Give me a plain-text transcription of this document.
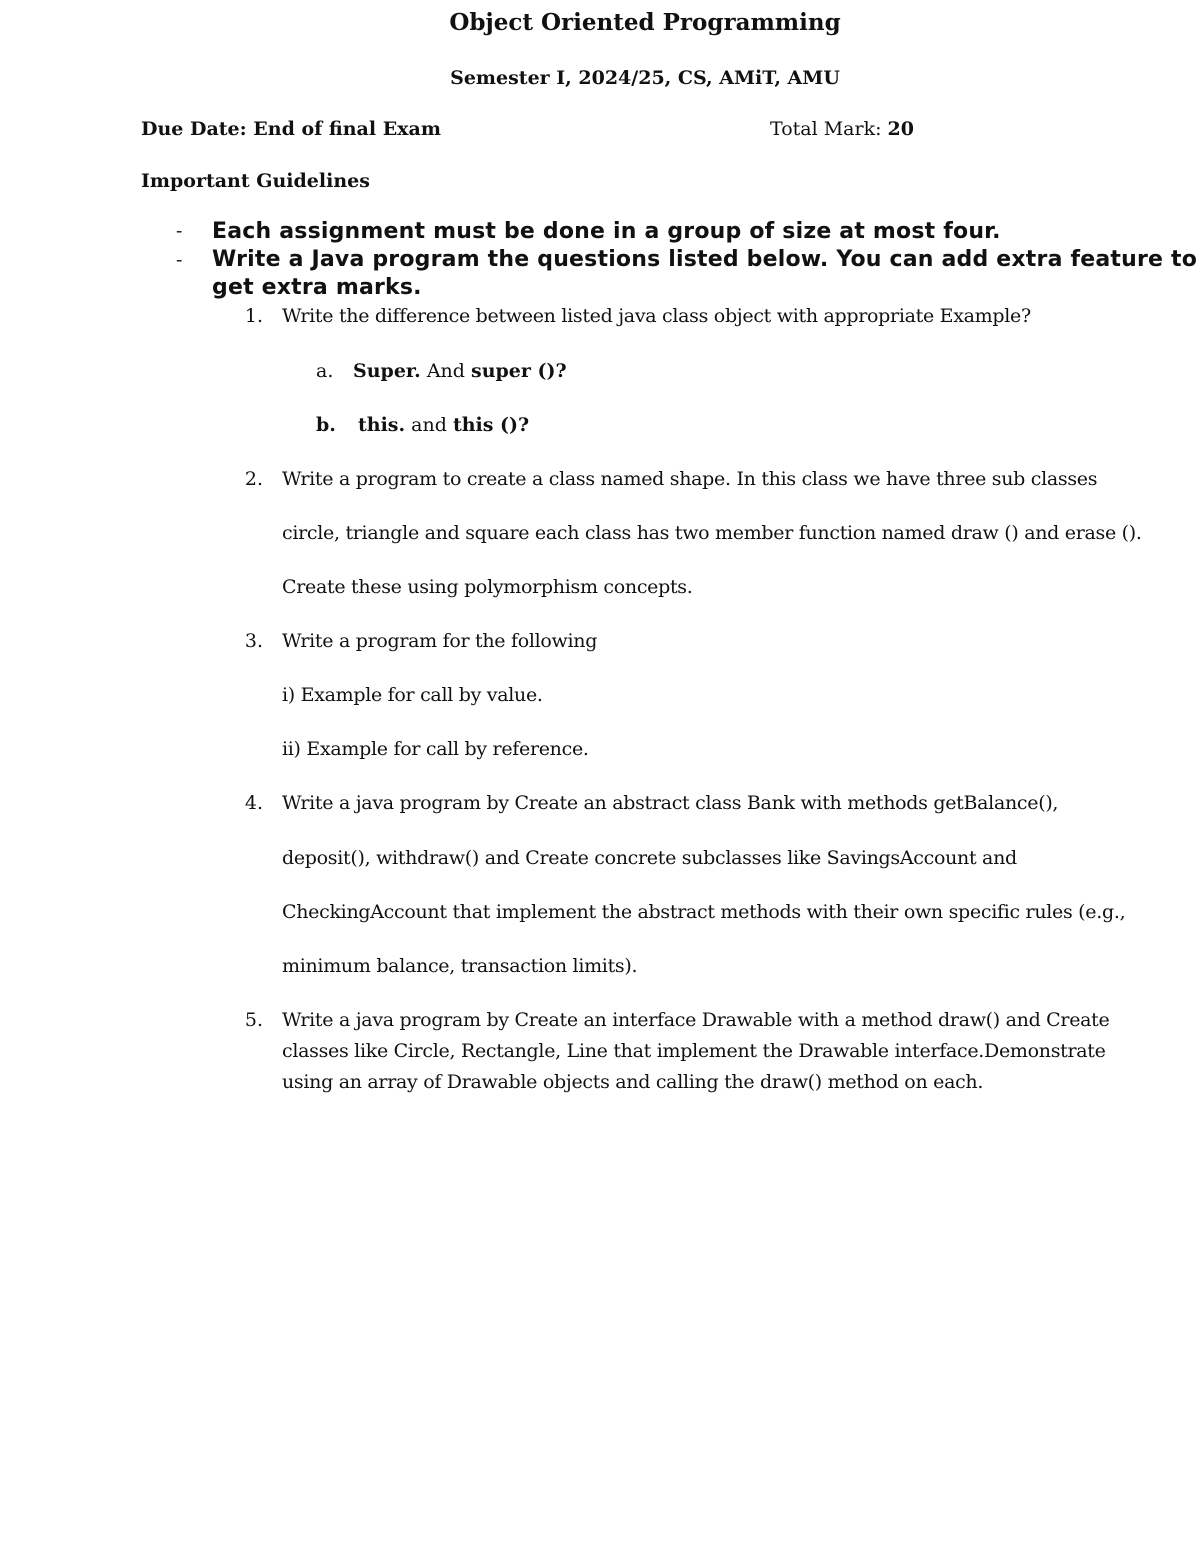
Object Oriented Programming
Semester I, 2024/25, CS, AMiT, AMU
Due Date: End of final Exam	Total Mark: 20
Important Guidelines
- Each assignment must be done in a group of size at most four.
- Write a Java program the questions listed below. You can add extra feature to
get extra marks.
1. Write the difference between listed java class object with appropriate Example?
a. Super. And super ()?
b. this. and this ()?
2. Write a program to create a class named shape. In this class we have three sub classes
circle, triangle and square each class has two member function named draw () and erase ().
Create these using polymorphism concepts.
3. Write a program for the following
i) Example for call by value.
ii) Example for call by reference.
4. Write a java program by Create an abstract class Bank with methods getBalance(),
deposit(), withdraw() and Create concrete subclasses like SavingsAccount and
CheckingAccount that implement the abstract methods with their own specific rules (e.g.,
minimum balance, transaction limits).
5. Write a java program by Create an interface Drawable with a method draw() and Create
classes like Circle, Rectangle, Line that implement the Drawable interface.Demonstrate
using an array of Drawable objects and calling the draw() method on each.
